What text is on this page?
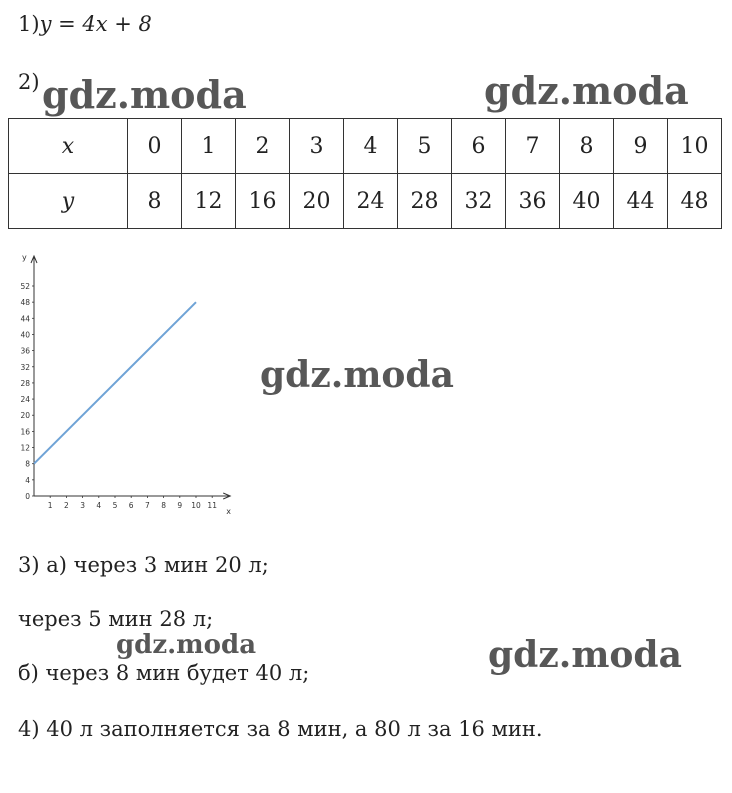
1)y = 4x + 8
2) gdz.moda	gdz.moda
gdz.moda
gdz.moda	gdz.moda
x	0	1	2	3	4	5	6	7	8	9	10
y	8	12	16	20	24	28	32	36	40	44	48
y
x
0
4
8
12
16
20
24
28
32
36
40
44
48
52
1 2 3 4 5 6 7 8 9 10 11
3) а) через 3 мин 20 л;
через 5 мин 28 л;
б) через 8 мин будет 40 л;
4) 40 л заполняется за 8 мин, а 80 л за 16 мин.
